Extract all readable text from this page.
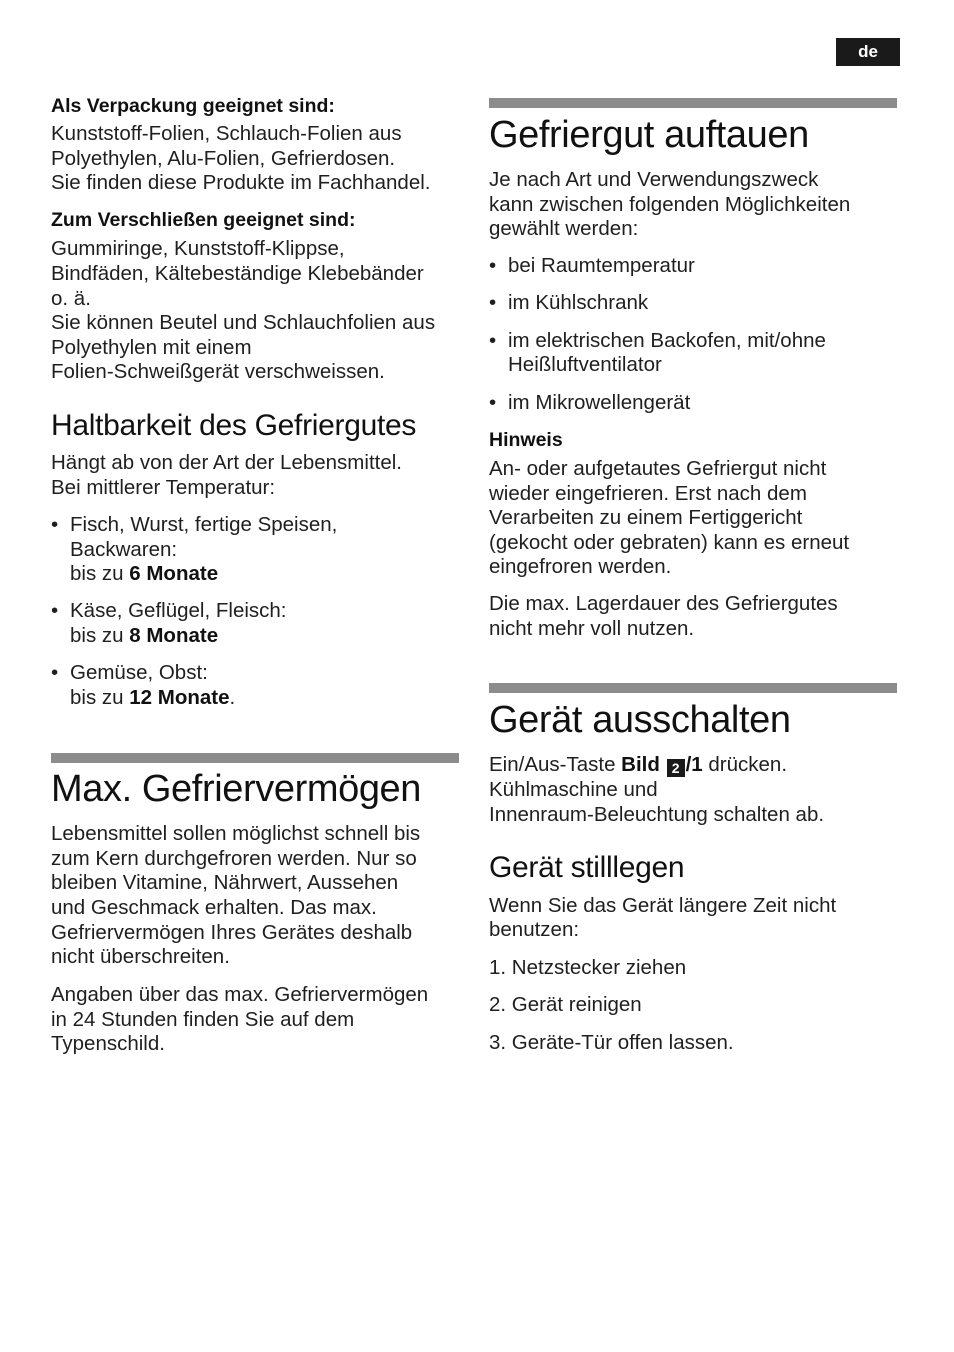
de
Als Verpackung geeignet sind:
Kunststoff-Folien, Schlauch-Folien aus
Polyethylen, Alu-Folien, Gefrierdosen.
Sie finden diese Produkte im Fachhandel.
Zum Verschließen geeignet sind:
Gummiringe, Kunststoff-Klippse,
Bindfäden, Kältebeständige Klebebänder
o. ä.
Sie können Beutel und Schlauchfolien aus
Polyethylen mit einem
Folien-Schweißgerät verschweissen.
Haltbarkeit des Gefriergutes
Hängt ab von der Art der Lebensmittel.
Bei mittlerer Temperatur:
• Fisch, Wurst, fertige Speisen,
Backwaren:
bis zu 6 Monate
• Käse, Geflügel, Fleisch:
bis zu 8 Monate
• Gemüse, Obst:
bis zu 12 Monate.
Max. Gefriervermögen
Lebensmittel sollen möglichst schnell bis
zum Kern durchgefroren werden. Nur so
bleiben Vitamine, Nährwert, Aussehen
und Geschmack erhalten. Das max.
Gefriervermögen Ihres Gerätes deshalb
nicht überschreiten.
Angaben über das max. Gefriervermögen
in 24 Stunden finden Sie auf dem
Typenschild.
Gefriergut auftauen
Je nach Art und Verwendungszweck
kann zwischen folgenden Möglichkeiten
gewählt werden:
• bei Raumtemperatur
• im Kühlschrank
• im elektrischen Backofen, mit/ohne
Heißluftventilator
• im Mikrowellengerät
Hinweis
An- oder aufgetautes Gefriergut nicht
wieder eingefrieren. Erst nach dem
Verarbeiten zu einem Fertiggericht
(gekocht oder gebraten) kann es erneut
eingefroren werden.
Die max. Lagerdauer des Gefriergutes
nicht mehr voll nutzen.
Gerät ausschalten
Ein/Aus-Taste Bild 2 /1 drücken.
Kühlmaschine und
Innenraum-Beleuchtung schalten ab.
Gerät stilllegen
Wenn Sie das Gerät längere Zeit nicht
benutzen:
1. Netzstecker ziehen
2. Gerät reinigen
3. Geräte-Tür offen lassen.
